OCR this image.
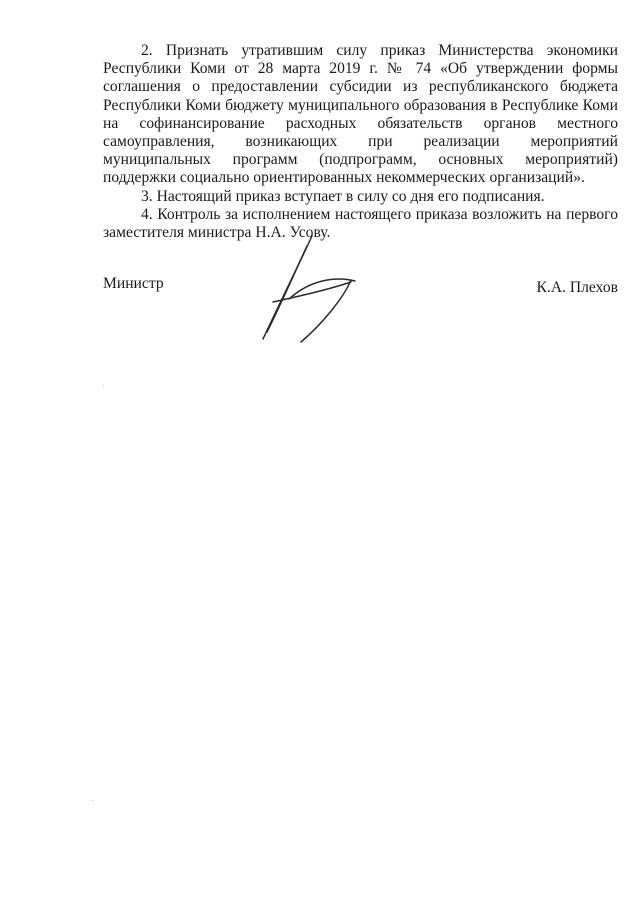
2. Признать утратившим силу приказ Министерства экономики Республики Коми от 28 марта 2019 г. № 74 «Об утверждении формы соглашения о предоставлении субсидии из республиканского бюджета Республики Коми бюджету муниципального образования в Республике Коми на софинансирование расходных обязательств органов местного самоуправления, возникающих при реализации мероприятий муниципальных программ (подпрограмм, основных мероприятий) поддержки социально ориентированных некоммерческих организаций».

3. Настоящий приказ вступает в силу со дня его подписания.

4. Контроль за исполнением настоящего приказа возложить на первого заместителя министра Н.А. Усову.

Министр	К.А. Плехов
